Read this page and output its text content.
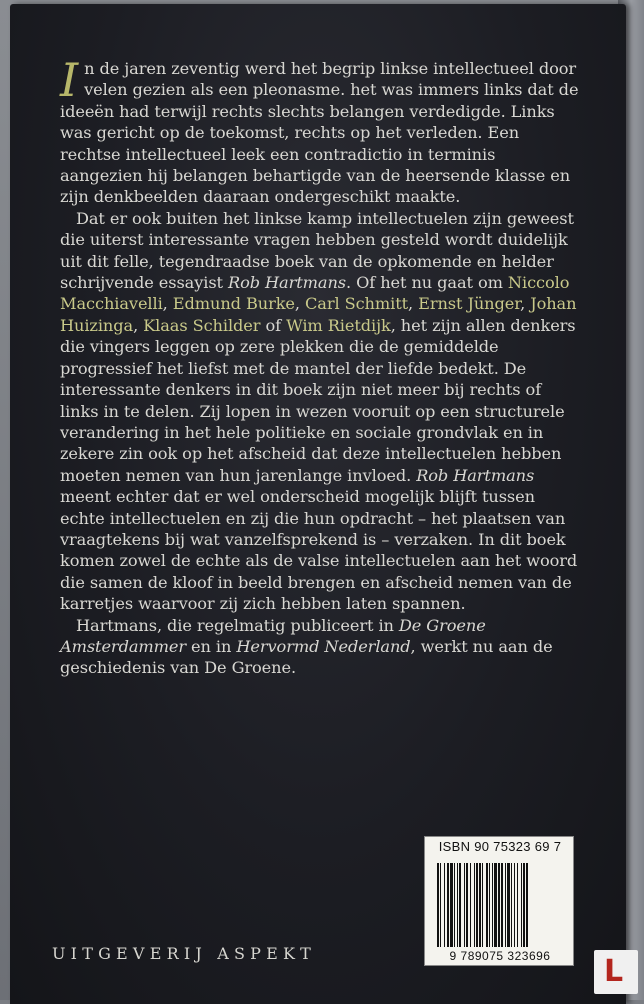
In de jaren zeventig werd het begrip linkse intellectueel door velen gezien als een pleonasme. het was immers links dat de ideeën had terwijl rechts slechts belangen verdedigde. Links was gericht op de toekomst, rechts op het verleden. Een rechtse intellectueel leek een contradictio in terminis aangezien hij belangen behartigde van de heersende klasse en zijn denkbeelden daaraan ondergeschikt maakte.

Dat er ook buiten het linkse kamp intellectuelen zijn geweest die uiterst interessante vragen hebben gesteld wordt duidelijk uit dit felle, tegendraadse boek van de opkomende en helder schrijvende essayist Rob Hartmans. Of het nu gaat om Niccolo Macchiavelli, Edmund Burke, Carl Schmitt, Ernst Jünger, Johan Huizinga, Klaas Schilder of Wim Rietdijk, het zijn allen denkers die vingers leggen op zere plekken die de gemiddelde progressief het liefst met de mantel der liefde bedekt. De interessante denkers in dit boek zijn niet meer bij rechts of links in te delen. Zij lopen in wezen vooruit op een structurele verandering in het hele politieke en sociale grondvlak en in zekere zin ook op het afscheid dat deze intellectuelen hebben moeten nemen van hun jarenlange invloed. Rob Hartmans meent echter dat er wel onderscheid mogelijk blijft tussen echte intellectuelen en zij die hun opdracht – het plaatsen van vraagtekens bij wat vanzelfsprekend is – verzaken. In dit boek komen zowel de echte als de valse intellectuelen aan het woord die samen de kloof in beeld brengen en afscheid nemen van de karretjes waarvoor zij zich hebben laten spannen.

Hartmans, die regelmatig publiceert in De Groene Amsterdammer en in Hervormd Nederland, werkt nu aan de geschiedenis van De Groene.

ISBN 90 75323 69 7
9 789075 323696
UITGEVERIJ ASPEKT
L
